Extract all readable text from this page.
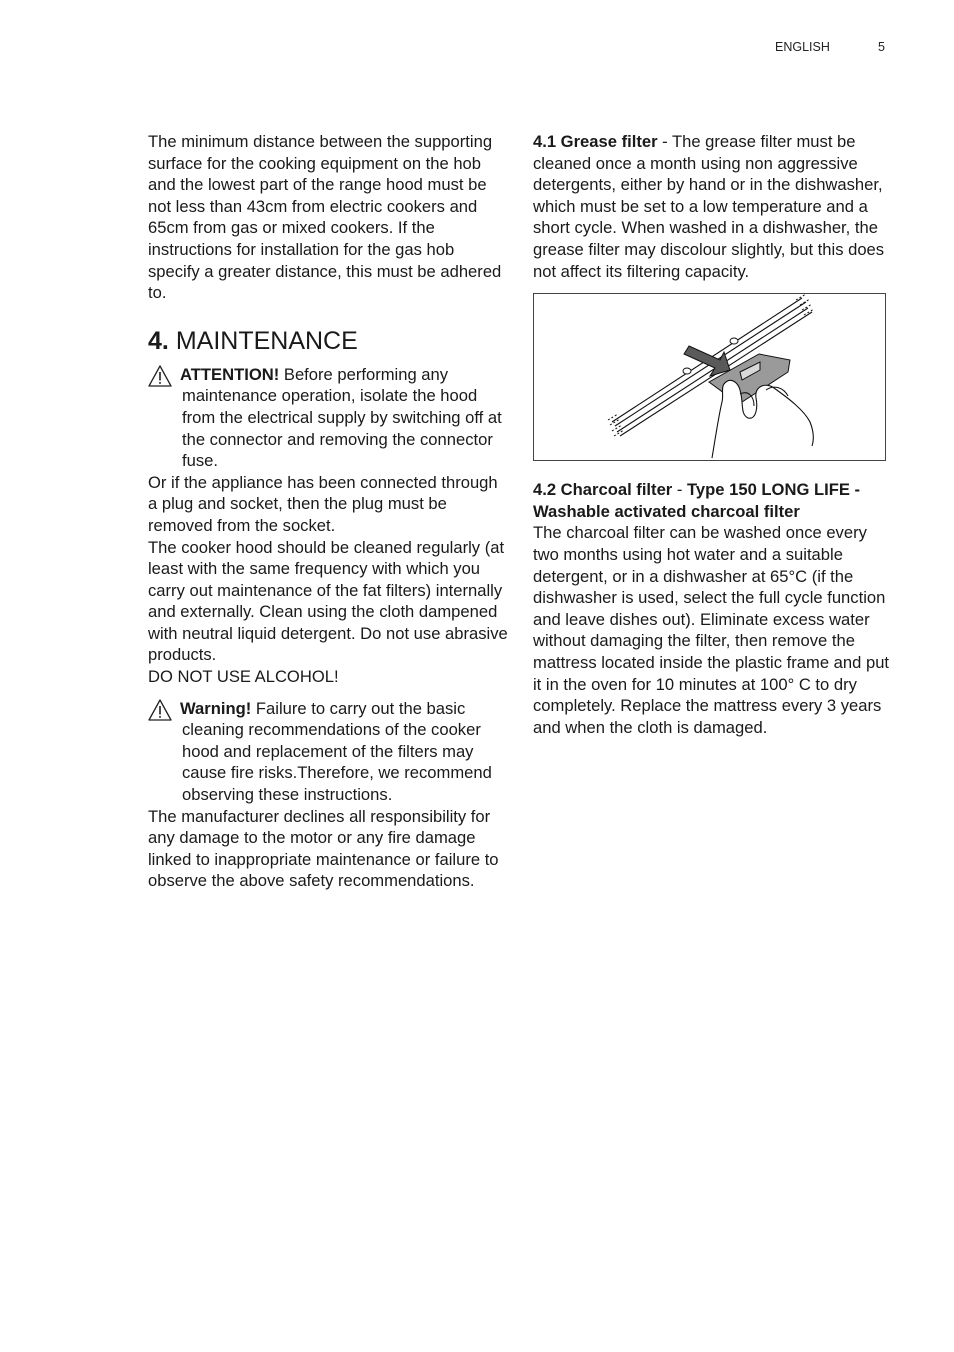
ENGLISH	5

The minimum distance between the supporting surface for the cooking equipment on the hob and the lowest part of the range hood must be not less than 43cm from electric cookers and 65cm from gas or mixed cookers. If the instructions for installation for the gas hob specify a greater distance, this must be adhered to.

4. MAINTENANCE
ATTENTION! Before performing any maintenance operation, isolate the hood from the electrical supply by switching off at the connector and removing the connector fuse.

Or if the appliance has been connected through a plug and socket, then the plug must be removed from the socket.

The cooker hood should be cleaned regularly (at least with the same frequency with which you carry out maintenance of the fat filters) internally and externally. Clean using the cloth dampened with neutral liquid detergent. Do not use abrasive products.

DO NOT USE ALCOHOL!

Warning! Failure to carry out the basic cleaning recommendations of the cooker hood and replacement of the filters may cause fire risks.Therefore, we recommend observing these instructions.

The manufacturer declines all responsibility for any damage to the motor or any fire damage linked to inappropriate maintenance or failure to observe the above safety recommendations.

4.1 Grease filter - The grease filter must be cleaned once a month using non aggressive detergents, either by hand or in the dishwasher, which must be set to a low temperature and a short cycle. When washed in a dishwasher, the grease filter may discolour slightly, but this does not affect its filtering capacity.

4.2 Charcoal filter - Type 150 LONG LIFE - Washable activated charcoal filter

The charcoal filter can be washed once every two months using hot water and a suitable detergent, or in a dishwasher at 65°C (if the dishwasher is used, select the full cycle function and leave dishes out). Eliminate excess water without damaging the filter, then remove the mattress located inside the plastic frame and put it in the oven for 10 minutes at 100° C to dry completely. Replace the mattress every 3 years and when the cloth is damaged.
